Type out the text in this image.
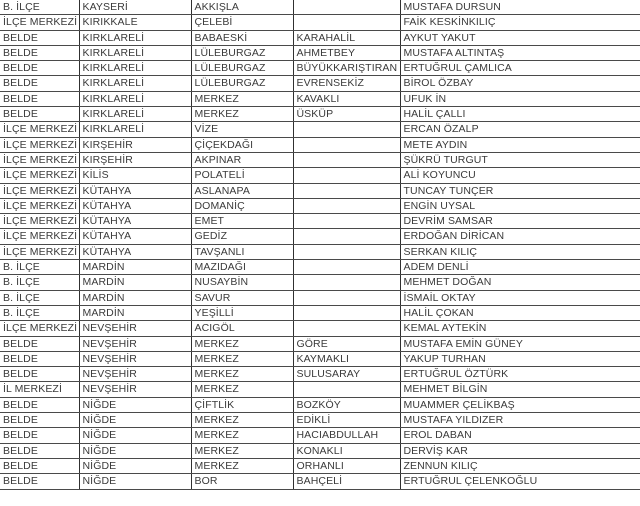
B. İLÇE	KAYSERİ	AKKIŞLA		MUSTAFA DURSUN
İLÇE MERKEZİ	KIRIKKALE	ÇELEBİ		FAİK KESKİNKILIÇ
BELDE	KIRKLARELİ	BABAESKİ	KARAHALİL	AYKUT YAKUT
BELDE	KIRKLARELİ	LÜLEBURGAZ	AHMETBEY	MUSTAFA ALTINTAŞ
BELDE	KIRKLARELİ	LÜLEBURGAZ	BÜYÜKKARIŞTIRAN	ERTUĞRUL ÇAMLICA
BELDE	KIRKLARELİ	LÜLEBURGAZ	EVRENSEKİZ	BİROL ÖZBAY
BELDE	KIRKLARELİ	MERKEZ	KAVAKLI	UFUK İN
BELDE	KIRKLARELİ	MERKEZ	ÜSKÜP	HALİL ÇALLI
İLÇE MERKEZİ	KIRKLARELİ	VİZE		ERCAN ÖZALP
İLÇE MERKEZİ	KIRŞEHİR	ÇİÇEKDAĞI		METE AYDIN
İLÇE MERKEZİ	KIRŞEHİR	AKPINAR		ŞÜKRÜ TURGUT
İLÇE MERKEZİ	KİLİS	POLATELİ		ALİ KOYUNCU
İLÇE MERKEZİ	KÜTAHYA	ASLANAPA		TUNCAY TUNÇER
İLÇE MERKEZİ	KÜTAHYA	DOMANİÇ		ENGİN UYSAL
İLÇE MERKEZİ	KÜTAHYA	EMET		DEVRİM SAMSAR
İLÇE MERKEZİ	KÜTAHYA	GEDİZ		ERDOĞAN DİRİCAN
İLÇE MERKEZİ	KÜTAHYA	TAVŞANLI		SERKAN KILIÇ
B. İLÇE	MARDİN	MAZIDAĞI		ADEM DENLİ
B. İLÇE	MARDİN	NUSAYBİN		MEHMET DOĞAN
B. İLÇE	MARDİN	SAVUR		İSMAİL OKTAY
B. İLÇE	MARDİN	YEŞİLLİ		HALİL ÇOKAN
İLÇE MERKEZİ	NEVŞEHİR	ACIGÖL		KEMAL AYTEKİN
BELDE	NEVŞEHİR	MERKEZ	GÖRE	MUSTAFA EMİN GÜNEY
BELDE	NEVŞEHİR	MERKEZ	KAYMAKLI	YAKUP TURHAN
BELDE	NEVŞEHİR	MERKEZ	SULUSARAY	ERTUĞRUL ÖZTÜRK
İL MERKEZİ	NEVŞEHİR	MERKEZ		MEHMET BİLGİN
BELDE	NİĞDE	ÇİFTLİK	BOZKÖY	MUAMMER ÇELİKBAŞ
BELDE	NİĞDE	MERKEZ	EDİKLİ	MUSTAFA YILDIZER
BELDE	NİĞDE	MERKEZ	HACIABDULLAH	EROL DABAN
BELDE	NİĞDE	MERKEZ	KONAKLI	DERVİŞ KAR
BELDE	NİĞDE	MERKEZ	ORHANLI	ZENNUN KILIÇ
BELDE	NİĞDE	BOR	BAHÇELİ	ERTUĞRUL ÇELENKOĞLU
